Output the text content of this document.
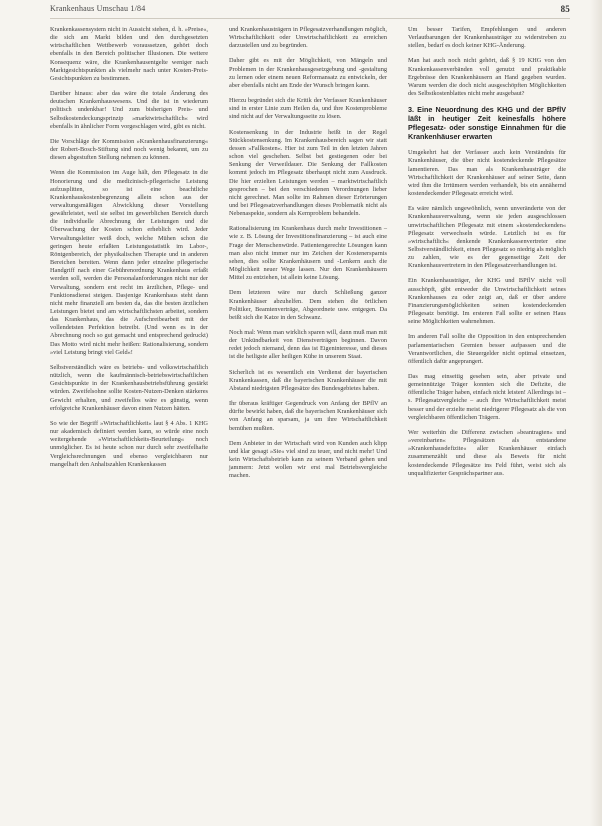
Krankenhaus Umschau 1/84	85

Krankenkassensystem nicht in Aussicht stehen, d. h. »Preise«, die sich am Markt bilden und den durchgesetzten wirtschaftlichen Wettbewerb voraussetzen, gehört doch ebenfalls in den Bereich politischer Illusionen. Die weitere Konsequenz wäre, die Krankenhausentgelte weniger nach Marktgesichtspunkten als vielmehr nach unter Kosten-Preis-Gesichtspunkten zu bestimmen.

Darüber hinaus: aber das wäre die totale Änderung des deutschen Krankenhauswesens. Und die ist in wiederum politisch undenkbar! Und zum bisherigen Preis- und Selbstkostendeckungsprinzip »marktwirtschaftlich« wird ebenfalls in ähnlicher Form vorgeschlagen wird, gibt es nicht.

Die Vorschläge der Kommission »Krankenhausfinanzierung« der Robert-Bosch-Stiftung sind noch wenig bekannt, um zu diesen abgestuften Stellung nehmen zu können.

Wenn die Kommission im Auge hält, den Pflegesatz in die Honorierung und die medizinisch-pflegerische Leistung aufzusplitten, so ist eine beachtliche Krankenhauskostenbegrenzung allein schon aus der verwaltungsmäßigen Abwicklung dieser Vorstellung gewährleistet, weil sie selbst im gewerblichen Bereich durch die individuelle Abrechnung der Leistungen und die Überwachung der Kosten schon erheblich wird. Jeder Verwaltungsleiter weiß doch, welche Mühen schon die geringen heute erfaßten Leistungsstatistik im Labor-, Röntgenbereich, der physikalischen Therapie und in anderen Bereichen bereiten. Wenn dann jeder einzelne pflegerische Handgriff nach einer Gebührenordnung Krankenhaus erfaßt werden soll, werden die Personalanforderungen nicht nur der Verwaltung, sondern erst recht im ärztlichen, Pflege- und Funktionsdienst steigen. Dasjenige Krankenhaus steht dann nicht mehr finanziell am besten da, das die besten ärztlichen Leistungen bietet und am wirtschaftlichsten arbeitet, sondern das Krankenhaus, das die Aufschreibearbeit mit der vollendetsten Perfektion betreibt. (Und wenn es in der Abrechnung noch so gut gemacht und entsprechend gedruckt) Das Motto wird nicht mehr heißen: Rationalisierung, sondern »viel Leistung bringt viel Geld«!

Selbstverständlich wäre es betriebs- und volkswirtschaftlich nützlich, wenn die kaufmännisch-betriebswirtschaftlichen Gesichtspunkte in der Krankenhausbetriebsführung gestärkt würden. Zweifelsohne sollte Kosten-Nutzen-Denken stärkeres Gewicht erhalten, und zweifellos wäre es günstig, wenn erfolgreiche Krankenhäuser davon einen Nutzen hätten.

So wie der Begriff »Wirtschaftlichkeit« laut § 4 Abs. 1 KHG nur akademisch definiert werden kann, so würde eine noch weitergehende »Wirtschaftlichkeits-Beurteilung« noch unmöglicher. Es ist heute schon nur durch sehr zweifelhafte Vergleichsrechnungen und ebenso vergleichbaren nur mangelhaft den Anhaltszahlen Krankenkassen

und Krankenhausträgern in Pflegesatzverhandlungen möglich, Wirtschaftlichkeit oder Unwirtschaftlichkeit zu erreichen darzustellen und zu begründen.

Daher gibt es mit der Möglichkeit, von Mängeln und Problemen in der Krankenhausgesetzgebung und -gestaltung zu lernen oder einem neuen Reformansatz zu entwickeln, der aber ebenfalls nicht am Ende der Wunsch bringen kann.

Hierzu begründet sich die Kritik der Verfasser Krankenhäuser sind in erster Linie zum Heilen da, und ihre Kostenprobleme sind nicht auf der Verwaltungsseite zu lösen.

Kostensenkung in der Industrie heißt in der Regel Stückkostensenkung. Im Krankenhausbereich sagen wir statt dessen »Fallkosten«. Hier ist zum Teil in den letzten Jahren schon viel geschehen. Selbst bei gestiegenen oder bei Senkung der Verweildauer. Die Senkung der Fallkosten kommt jedoch im Pflegesatz überhaupt nicht zum Ausdruck. Die hier erzielten Leistungen werden – marktwirtschaftlich gesprochen – bei den verschiedenen Verordnungen lieber nicht gerechnet. Man sollte im Rahmen dieser Erörterungen und bei Pflegesatzverhandlungen dieses Problematik nicht als Nebenaspekte, sondern als Kernproblem behandeln.

Rationalisierung im Krankenhaus durch mehr Investitionen – wie z. B. Lösung der Investitionsfinanzierung – ist auch eine Frage der Menschenwürde. Patientengerechte Lösungen kann man also nicht immer nur im Zeichen der Kostenersparnis sehen, dies sollte Krankenhäusern und -Lenkern auch die Möglichkeit neuer Wege lassen. Nur den Krankenhäusern Mittel zu entziehen, ist allein keine Lösung.

Dem letzteren wäre nur durch Schließung ganzer Krankenhäuser abzuhelfen. Dem stehen die örtlichen Politiker, Beamtenverträge, Abgeordnete usw. entgegen. Da beißt sich die Katze in den Schwanz.

Noch mal: Wenn man wirklich sparen will, dann muß man mit der Unkündbarkeit von Dienstverträgen beginnen. Davon redet jedoch niemand, denn das ist Eigeninteresse, und dieses ist die heiligste aller heiligen Kühe in unserem Staat.

Sicherlich ist es wesentlich ein Verdienst der bayerischen Krankenkassen, daß die bayerischen Krankenhäuser die mit Abstand niedrigsten Pflegesätze des Bundesgebietes haben.

Ihr überaus kräftiger Gegendruck von Anfang der BPflV an dürfte bewirkt haben, daß die bayerischen Krankenhäuser sich von Anfang an sparsam, ja um ihre Wirtschaftlichkeit bemühen mußten.

Dem Anbieter in der Wirtschaft wird von Kunden auch klipp und klar gesagt »Sie« viel sind zu teuer, und nicht mehr! Und kein Wirtschaftsbetrieb kann zu seinem Verband gehen und jammern: Jetzt wollen wir erst mal Betriebsvergleiche machen.

Um besser Tarifen, Empfehlungen und anderen Verlautbarungen der Krankenhausträger zu widerstreben zu stellen, bedarf es doch keiner KHG-Änderung.

Man hat auch noch nicht gehört, daß § 19 KHG von den Krankenkassenverbänden voll genutzt und praktikable Ergebnisse den Krankenhäusern an Hand gegeben wurden. Warum werden die doch nicht ausgeschöpften Möglichkeiten des Selbstkostenblattes nicht mehr ausgebaut?

3. Eine Neuordnung des KHG und der BPflV läßt in heutiger Zeit keinesfalls höhere Pflegesatz- oder sonstige Einnahmen für die Krankenhäuser erwarten

Umgekehrt hat der Verfasser auch kein Verständnis für Krankenhäuser, die über nicht kostendeckende Pflegesätze lamentieren. Das man als Krankenhausträger die Wirtschaftlichkeit der Krankenhäuser auf seiner Seite, dann wird ihm die Irrtümern werden verhandelt, bis ein annähernd kostendeckender Pflegesatz erreicht wird.

Es wäre nämlich ungewöhnlich, wenn unveränderte von der Krankenhausverwaltung, wenn sie jeden ausgeschlossen unwirtschaftlichen Pflegesatz mit einem »kostendeckenden« Pflegesatz verwechseln würde. Letztlich ist es für »wirtschaftlich« denkende Krankenkassenvertreter eine Selbstverständlichkeit, einen Pflegesatz so niedrig als möglich zu zahlen, wie es der gegenseitige Zeit der Krankenhausvertretern in den Pflegesatzverhandlungen ist.

Ein Krankenhausträger, der KHG und BPflV nicht voll ausschöpft, gibt entweder die Unwirtschaftlichkeit seines Krankenhauses zu oder zeigt an, daß er über andere Finanzierungsmöglichkeiten seinen kostendeckenden Pflegesatz benötigt. Im ersteren Fall sollte er seinen Haus seine Möglichkeiten wahrnehmen.

Im anderen Fall sollte die Opposition in den entsprechenden parlamentarischen Gremien besser aufpassen und die Verantwortlichen, die Steuergelder nicht optimal einsetzen, öffentlich dafür angeprangert.

Das mag einseitig gesehen sein, aber private und gemeinnützige Träger konnten sich die Defizite, die öffentliche Träger haben, einfach nicht leisten! Allerdings ist – s. Pflegesatzvergleiche – auch ihre Wirtschaftlichkeit meist besser und der erzielte meist niedrigerer Pflegesatz als die von vergleichbaren öffentlichen Trägern.

Wer weiterhin die Differenz zwischen »beantragten« und »vereinbarten« Pflegesätzen als entstandene »Krankenhausdefizite« aller Krankenhäuser einfach zusammenzählt und diese als Beweis für nicht kostendeckende Pflegesätze ins Feld führt, weist sich als unqualifizierter Gesprächspartner aus.
